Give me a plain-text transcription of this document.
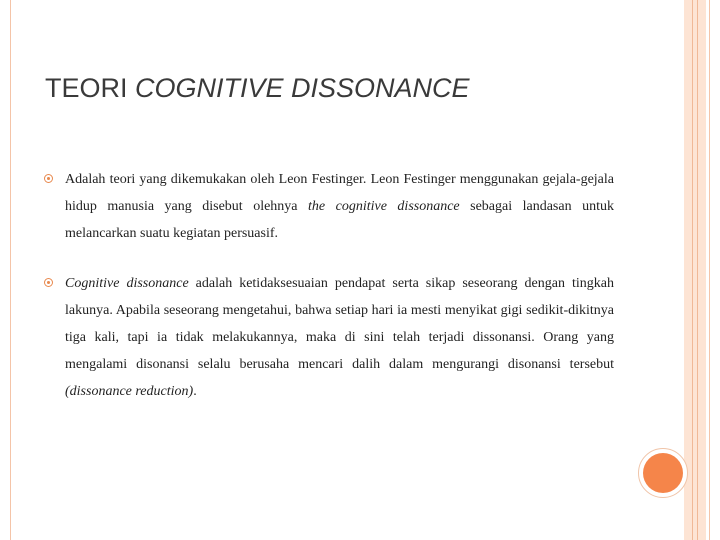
TEORI COGNITIVE DISSONANCE
Adalah teori yang dikemukakan oleh Leon Festinger. Leon Festinger menggunakan gejala-gejala hidup manusia yang disebut olehnya the cognitive dissonance sebagai landasan untuk melancarkan suatu kegiatan persuasif.
Cognitive dissonance adalah ketidaksesuaian pendapat serta sikap seseorang dengan tingkah lakunya. Apabila seseorang mengetahui, bahwa setiap hari ia mesti menyikat gigi sedikit-dikitnya tiga kali, tapi ia tidak melakukannya, maka di sini telah terjadi dissonansi. Orang yang mengalami disonansi selalu berusaha mencari dalih dalam mengurangi disonansi tersebut (dissonance reduction).
